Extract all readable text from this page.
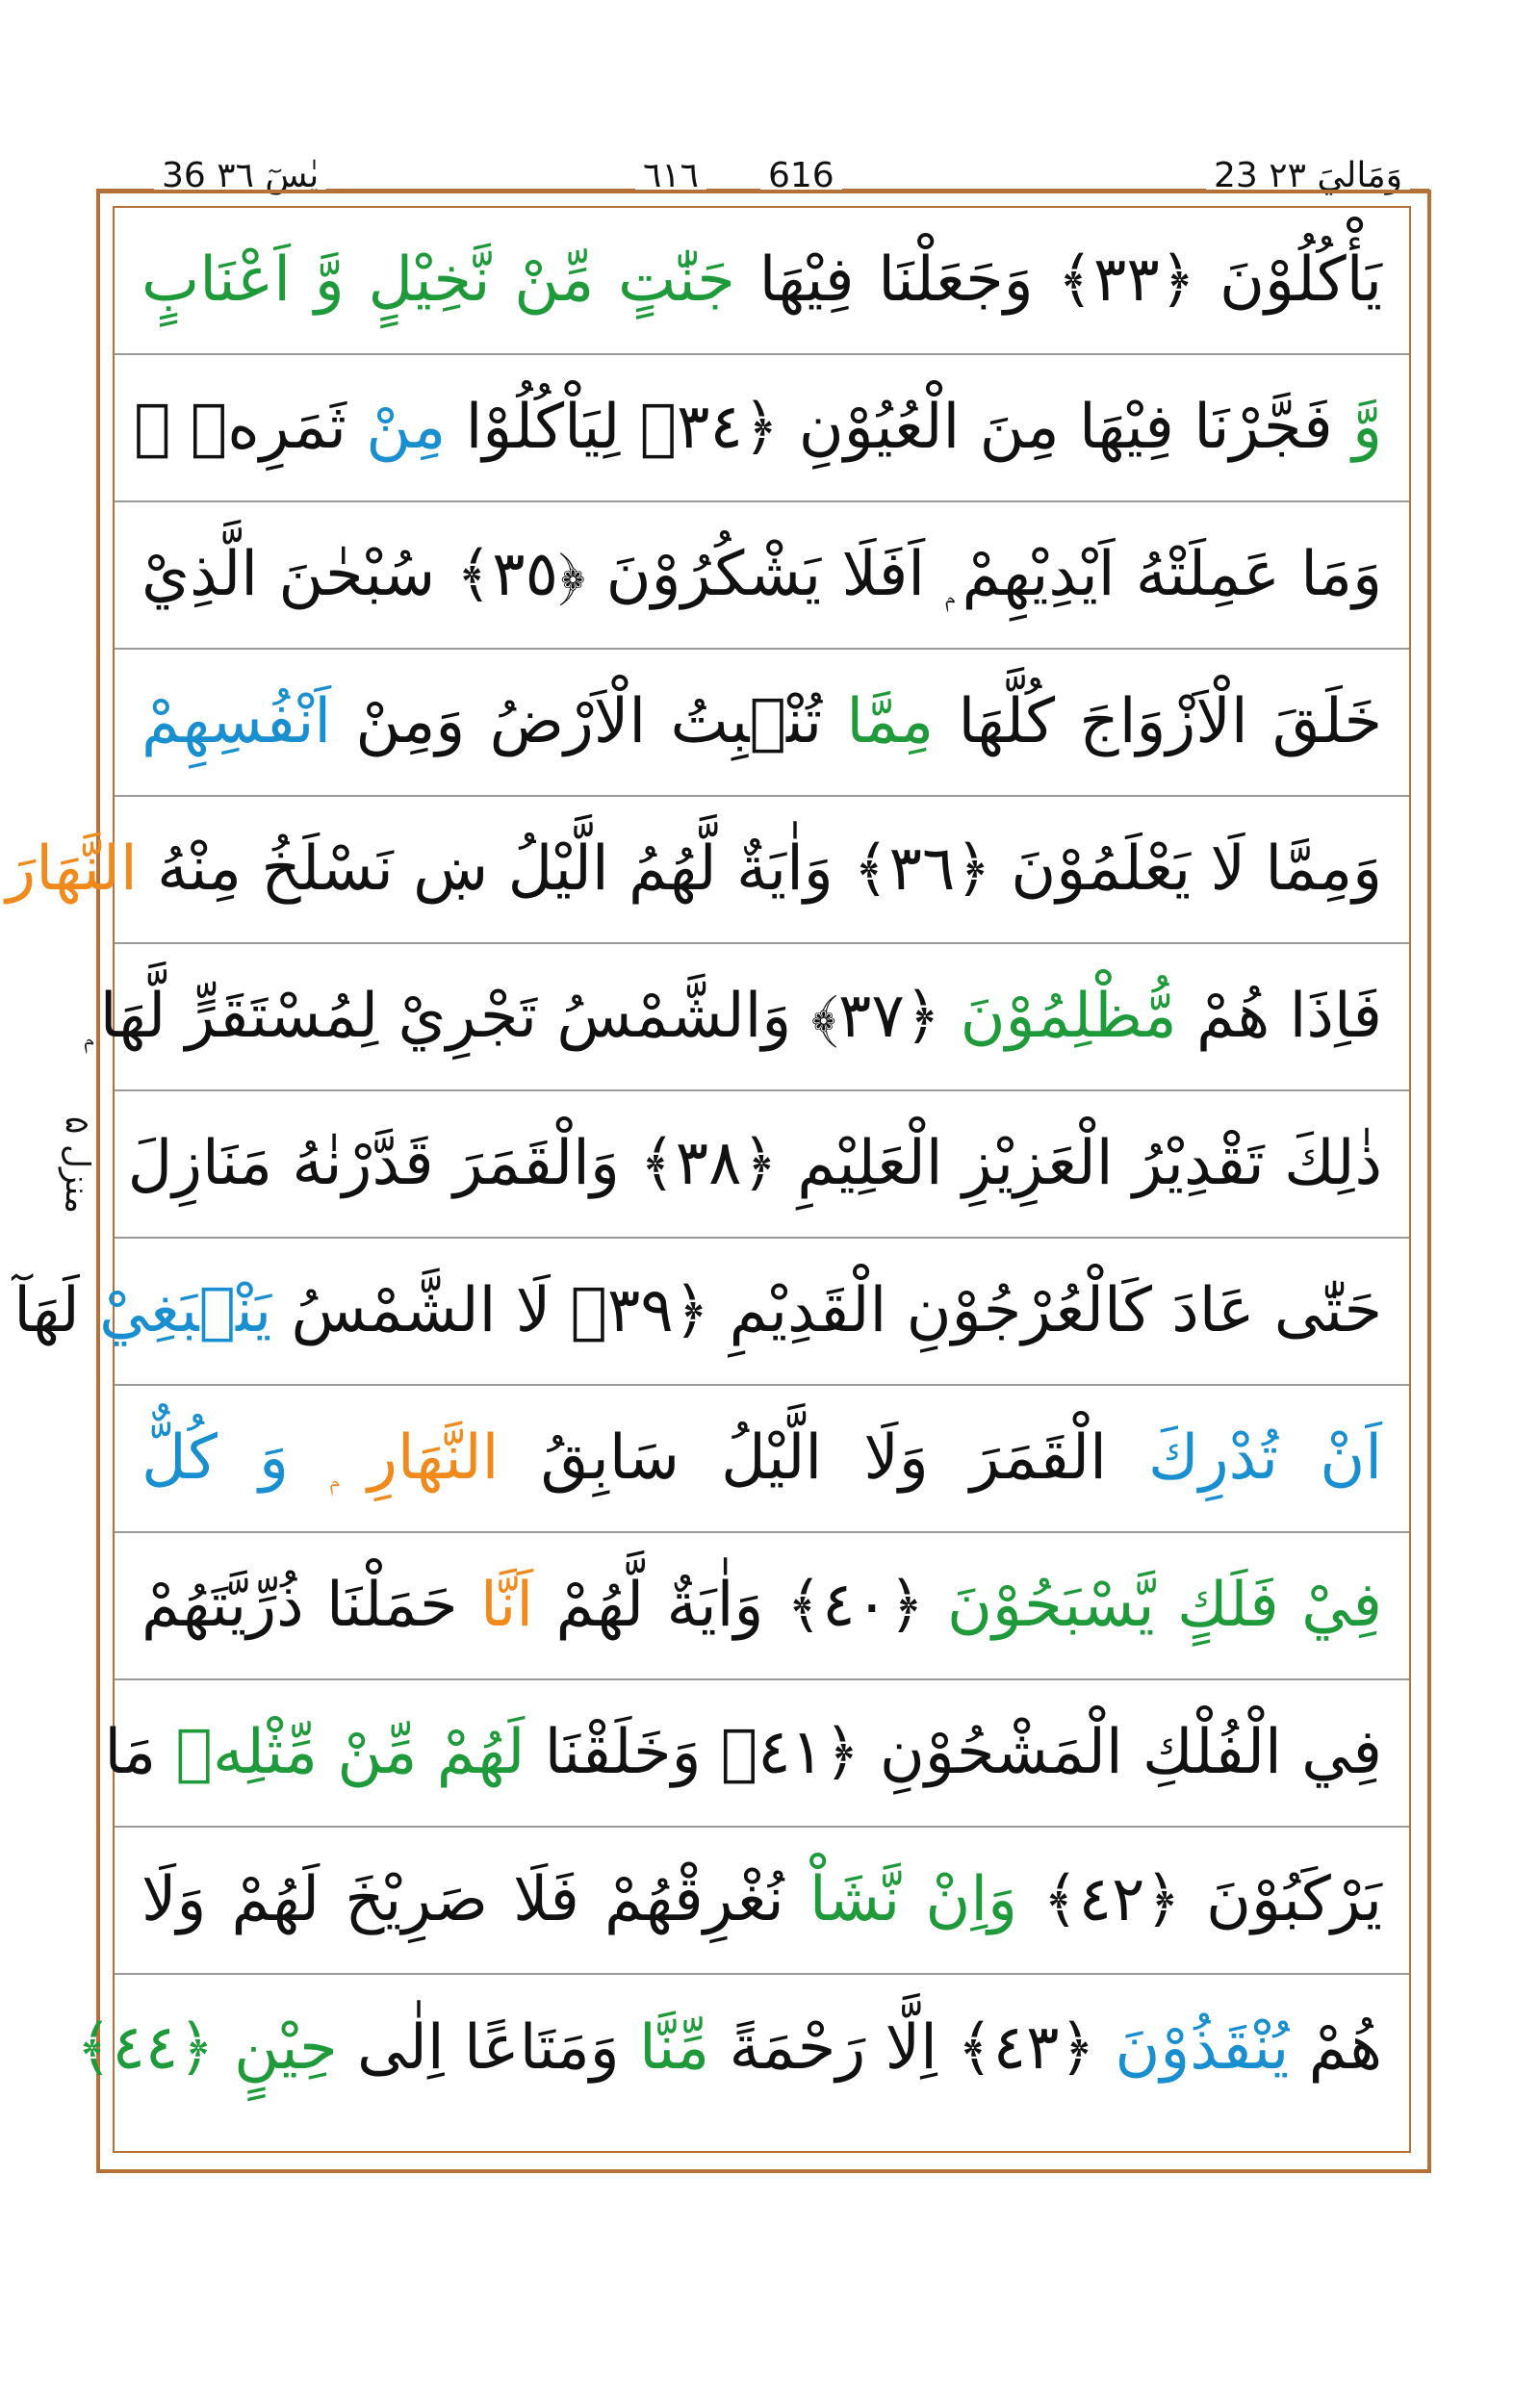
36 يٰسٓ ٣٦	٦١٦ 616	23 وَمَالِيَ ٢٣
منزل ۵
يَأْكُلُوْنَ ﴿٣٣﴾ وَجَعَلْنَا فِيْهَا جَنّٰتٍ مِّنْ نَّخِيْلٍ وَّ اَعْنَابٍ
وَّ فَجَّرْنَا فِيْهَا مِنَ الْعُيُوْنِ ﴿٣٤﴾ لِيَاْكُلُوْا مِنْ ثَمَرِهٖ ۙ
وَمَا عَمِلَتْهُ اَيْدِيْهِمْ ۭ اَفَلَا يَشْكُرُوْنَ ﴿٣٥﴾ سُبْحٰنَ الَّذِيْ
خَلَقَ الْاَزْوَاجَ كُلَّهَا مِمَّا تُنْۢبِتُ الْاَرْضُ وَمِنْ اَنْفُسِهِمْ
وَمِمَّا لَا يَعْلَمُوْنَ ﴿٣٦﴾ وَاٰيَةٌ لَّهُمُ الَّيْلُ ښ نَسْلَخُ مِنْهُ النَّهَارَ
فَاِذَا هُمْ مُّظْلِمُوْنَ ﴿٣٧﴾ وَالشَّمْسُ تَجْرِيْ لِمُسْتَقَرٍّ لَّهَا ۭ
ذٰلِكَ تَقْدِيْرُ الْعَزِيْزِ الْعَلِيْمِ ﴿٣٨﴾ وَالْقَمَرَ قَدَّرْنٰهُ مَنَازِلَ
حَتّٰى عَادَ كَالْعُرْجُوْنِ الْقَدِيْمِ ﴿٣٩﴾ لَا الشَّمْسُ يَنْۢبَغِيْ لَهَآ
اَنْ تُدْرِكَ الْقَمَرَ وَلَا الَّيْلُ سَابِقُ النَّهَارِ ۭ وَ كُلٌّ
فِيْ فَلَكٍ يَّسْبَحُوْنَ ﴿٤٠﴾ وَاٰيَةٌ لَّهُمْ اَنَّا حَمَلْنَا ذُرِّيَّتَهُمْ
فِي الْفُلْكِ الْمَشْحُوْنِ ﴿٤١﴾ وَخَلَقْنَا لَهُمْ مِّنْ مِّثْلِهٖ مَا
يَرْكَبُوْنَ ﴿٤٢﴾ وَاِنْ نَّشَاْ نُغْرِقْهُمْ فَلَا صَرِيْخَ لَهُمْ وَلَا
هُمْ يُنْقَذُوْنَ ﴿٤٣﴾ اِلَّا رَحْمَةً مِّنَّا وَمَتَاعًا اِلٰى حِيْنٍ ﴿٤٤﴾
